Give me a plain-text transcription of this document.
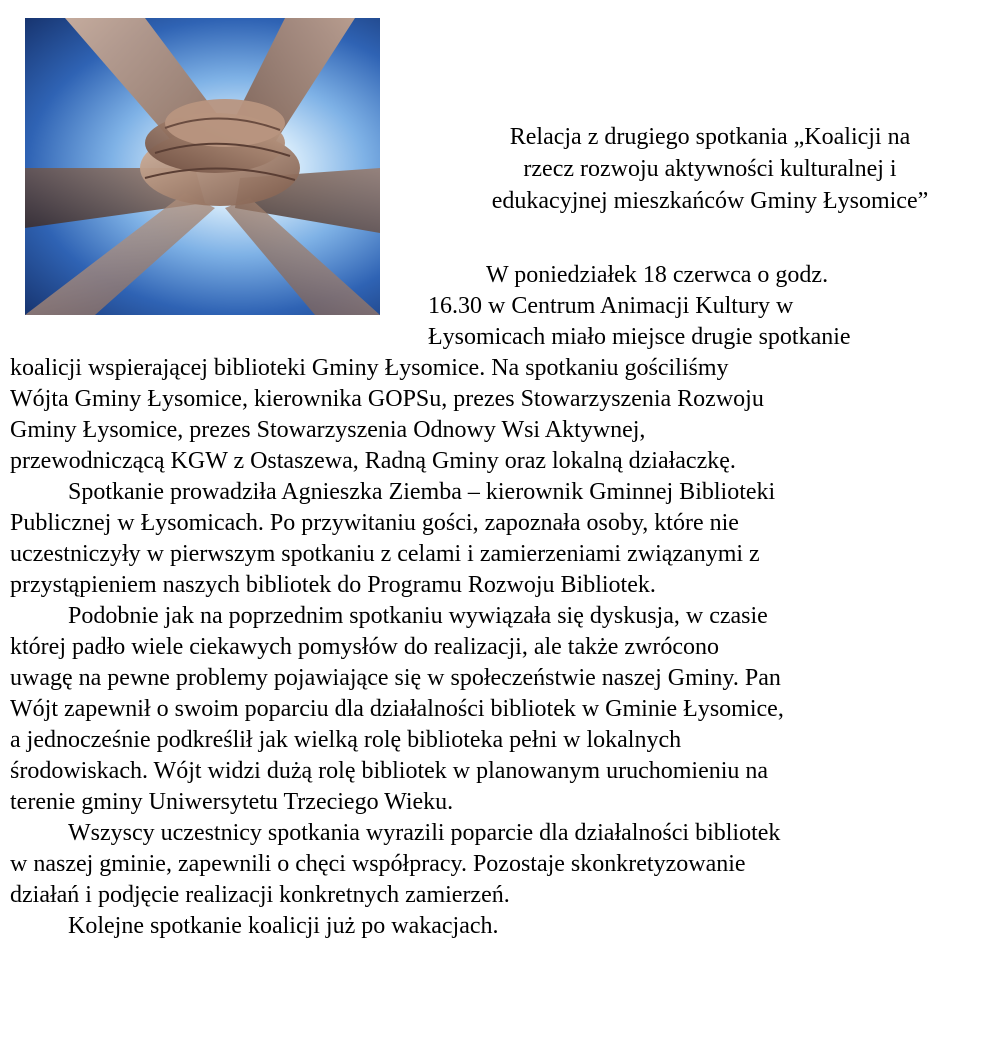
Relacja z drugiego spotkania „Koalicji na
rzecz rozwoju aktywności kulturalnej i
edukacyjnej mieszkańców Gminy Łysomice”
W poniedziałek 18 czerwca o godz.
16.30 w Centrum Animacji Kultury w
Łysomicach miało miejsce drugie spotkanie
koalicji wspierającej biblioteki Gminy Łysomice. Na spotkaniu gościliśmy
Wójta Gminy Łysomice, kierownika GOPSu, prezes Stowarzyszenia Rozwoju
Gminy Łysomice, prezes Stowarzyszenia Odnowy Wsi Aktywnej,
przewodniczącą KGW z Ostaszewa, Radną Gminy oraz lokalną działaczkę.
Spotkanie prowadziła Agnieszka Ziemba – kierownik Gminnej Biblioteki
Publicznej w Łysomicach. Po przywitaniu gości, zapoznała osoby, które nie
uczestniczyły w pierwszym spotkaniu z celami i zamierzeniami związanymi z
przystąpieniem naszych bibliotek do Programu Rozwoju Bibliotek.
Podobnie jak na poprzednim spotkaniu wywiązała się dyskusja, w czasie
której padło wiele ciekawych pomysłów do realizacji, ale także zwrócono
uwagę na pewne problemy pojawiające się w społeczeństwie naszej Gminy. Pan
Wójt zapewnił o swoim poparciu dla działalności bibliotek w Gminie Łysomice,
a jednocześnie podkreślił jak wielką rolę biblioteka pełni w lokalnych
środowiskach. Wójt widzi dużą rolę bibliotek w planowanym uruchomieniu na
terenie gminy Uniwersytetu Trzeciego Wieku.
Wszyscy uczestnicy spotkania wyrazili poparcie dla działalności bibliotek
w naszej gminie, zapewnili o chęci współpracy. Pozostaje skonkretyzowanie
działań i podjęcie realizacji konkretnych zamierzeń.
Kolejne spotkanie koalicji już po wakacjach.
